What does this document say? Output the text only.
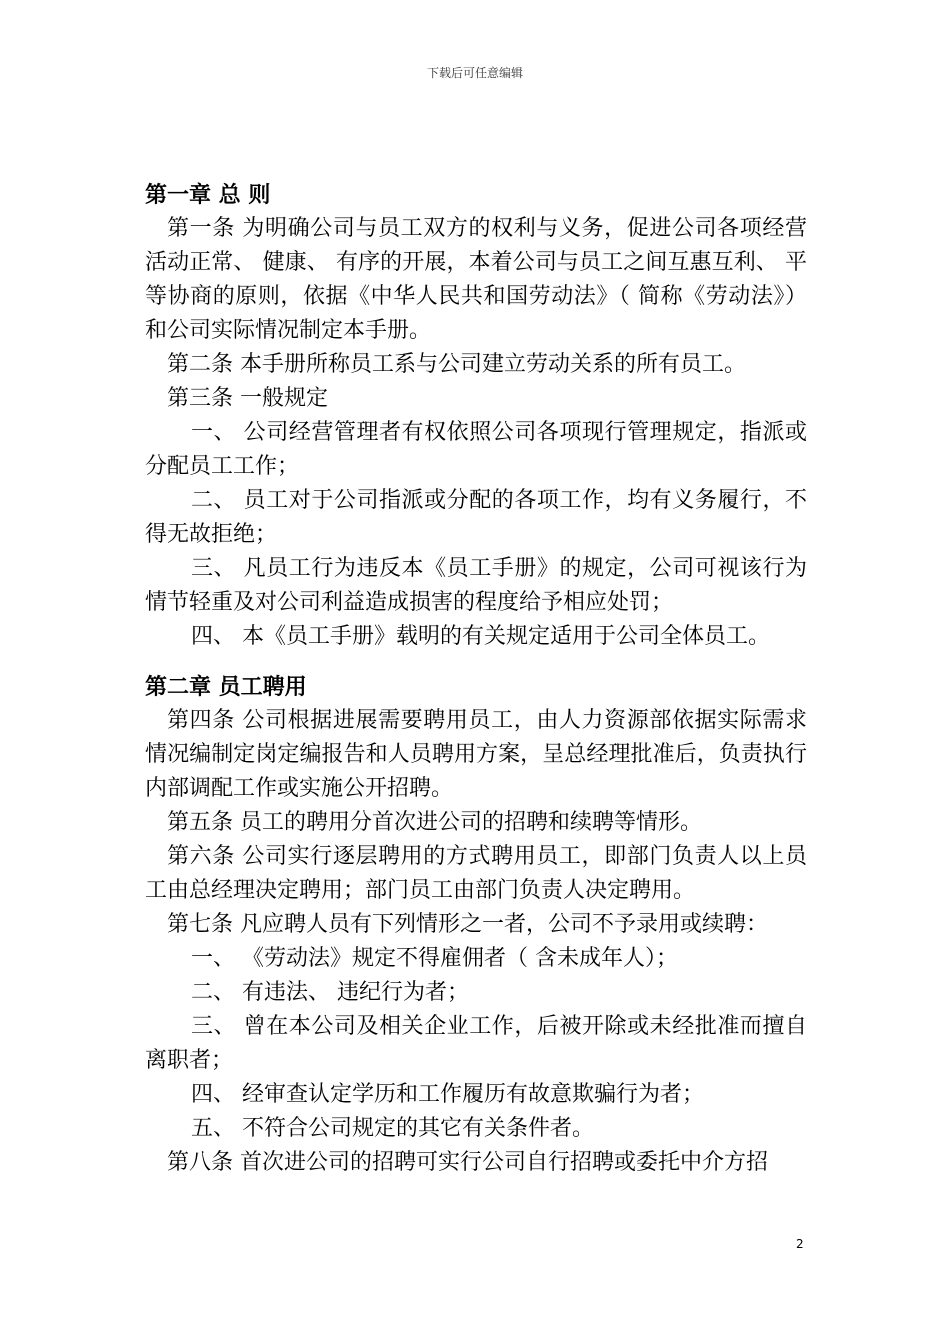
下载后可任意编辑
第一章 总 则
第一条 为明确公司与员工双方的权利与义务，促进公司各项经营活动正常、 健康、 有序的开展，本着公司与员工之间互惠互利、 平等协商的原则，依据《中华人民共和国劳动法》（ 简称《劳动法》）和公司实际情况制定本手册。
第二条 本手册所称员工系与公司建立劳动关系的所有员工。
第三条 一般规定
一、 公司经营管理者有权依照公司各项现行管理规定，指派或分配员工工作；
二、 员工对于公司指派或分配的各项工作，均有义务履行，不得无故拒绝；
三、 凡员工行为违反本《员工手册》的规定，公司可视该行为情节轻重及对公司利益造成损害的程度给予相应处罚；
四、 本《员工手册》载明的有关规定适用于公司全体员工。
第二章 员工聘用
第四条 公司根据进展需要聘用员工，由人力资源部依据实际需求情况编制定岗定编报告和人员聘用方案，呈总经理批准后，负责执行内部调配工作或实施公开招聘。
第五条 员工的聘用分首次进公司的招聘和续聘等情形。
第六条 公司实行逐层聘用的方式聘用员工，即部门负责人以上员工由总经理决定聘用；部门员工由部门负责人决定聘用。
第七条 凡应聘人员有下列情形之一者，公司不予录用或续聘：
一、 《劳动法》规定不得雇佣者（ 含未成年人）；
二、 有违法、 违纪行为者；
三、 曾在本公司及相关企业工作，后被开除或未经批准而擅自离职者；
四、 经审查认定学历和工作履历有故意欺骗行为者；
五、 不符合公司规定的其它有关条件者。
第八条 首次进公司的招聘可实行公司自行招聘或委托中介方招
2
